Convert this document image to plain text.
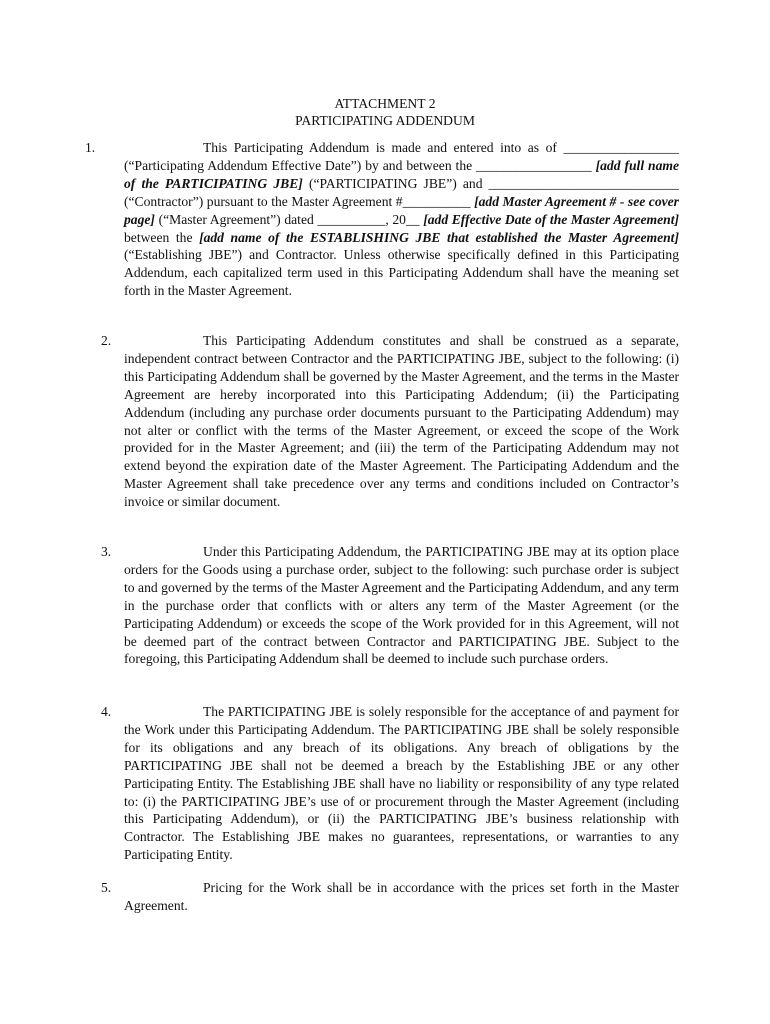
ATTACHMENT 2
PARTICIPATING ADDENDUM
1.	This Participating Addendum is made and entered into as of _________________ (“Participating Addendum Effective Date”) by and between the _________________ [add full name of the PARTICIPATING JBE] (“PARTICIPATING JBE”) and ____________________________ (“Contractor”) pursuant to the Master Agreement #__________ [add Master Agreement # - see cover page] (“Master Agreement”) dated __________, 20__ [add Effective Date of the Master Agreement] between the [add name of the ESTABLISHING JBE that established the Master Agreement] (“Establishing JBE”) and Contractor. Unless otherwise specifically defined in this Participating Addendum, each capitalized term used in this Participating Addendum shall have the meaning set forth in the Master Agreement.
2.	This Participating Addendum constitutes and shall be construed as a separate, independent contract between Contractor and the PARTICIPATING JBE, subject to the following: (i) this Participating Addendum shall be governed by the Master Agreement, and the terms in the Master Agreement are hereby incorporated into this Participating Addendum; (ii) the Participating Addendum (including any purchase order documents pursuant to the Participating Addendum) may not alter or conflict with the terms of the Master Agreement, or exceed the scope of the Work provided for in the Master Agreement; and (iii) the term of the Participating Addendum may not extend beyond the expiration date of the Master Agreement. The Participating Addendum and the Master Agreement shall take precedence over any terms and conditions included on Contractor’s invoice or similar document.
3.	Under this Participating Addendum, the PARTICIPATING JBE may at its option place orders for the Goods using a purchase order, subject to the following: such purchase order is subject to and governed by the terms of the Master Agreement and the Participating Addendum, and any term in the purchase order that conflicts with or alters any term of the Master Agreement (or the Participating Addendum) or exceeds the scope of the Work provided for in this Agreement, will not be deemed part of the contract between Contractor and PARTICIPATING JBE. Subject to the foregoing, this Participating Addendum shall be deemed to include such purchase orders.
4.	The PARTICIPATING JBE is solely responsible for the acceptance of and payment for the Work under this Participating Addendum. The PARTICIPATING JBE shall be solely responsible for its obligations and any breach of its obligations. Any breach of obligations by the PARTICIPATING JBE shall not be deemed a breach by the Establishing JBE or any other Participating Entity. The Establishing JBE shall have no liability or responsibility of any type related to: (i) the PARTICIPATING JBE’s use of or procurement through the Master Agreement (including this Participating Addendum), or (ii) the PARTICIPATING JBE’s business relationship with Contractor. The Establishing JBE makes no guarantees, representations, or warranties to any Participating Entity.
5.	Pricing for the Work shall be in accordance with the prices set forth in the Master Agreement.
